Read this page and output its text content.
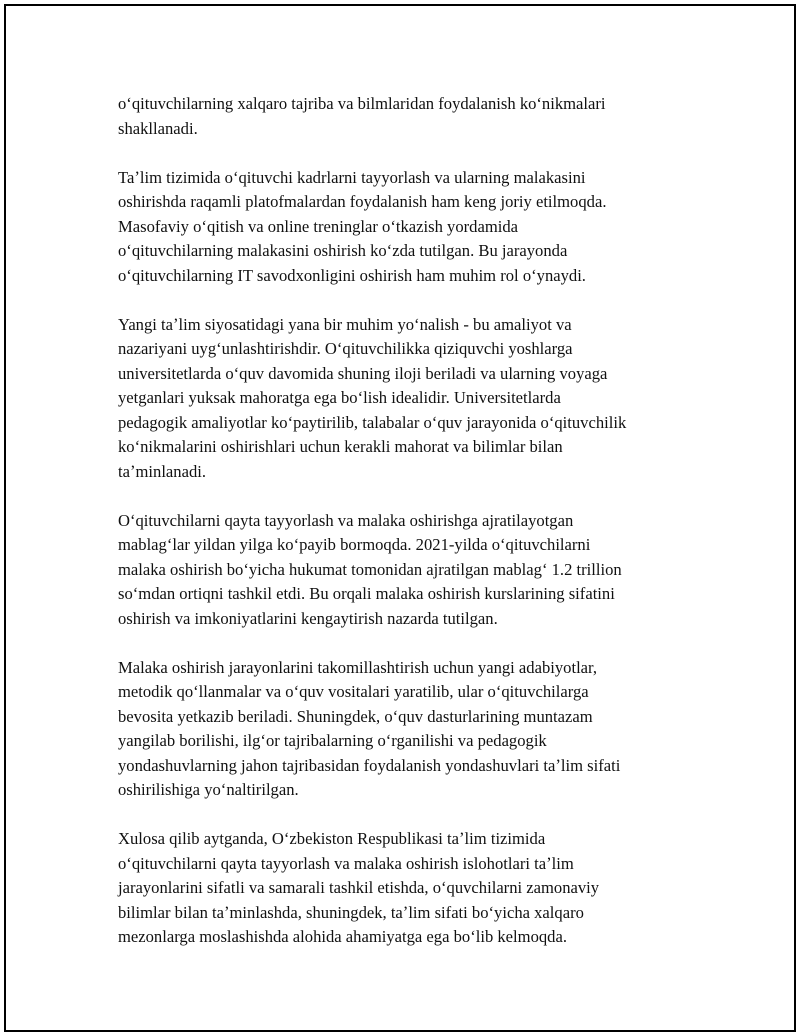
oʻqituvchilarning xalqaro tajriba va bilmlaridan foydalanish koʻnikmalari
shakllanadi.

Taʼlim tizimida oʻqituvchi kadrlarni tayyorlash va ularning malakasini
oshirishda raqamli platofmalardan foydalanish ham keng joriy etilmoqda.
Masofaviy oʻqitish va online treninglar oʻtkazish yordamida
oʻqituvchilarning malakasini oshirish koʻzda tutilgan. Bu jarayonda
oʻqituvchilarning IT savodxonligini oshirish ham muhim rol oʻynaydi.

Yangi taʼlim siyosatidagi yana bir muhim yoʻnalish - bu amaliyot va
nazariyani uygʻunlashtirishdir. Oʻqituvchilikka qiziquvchi yoshlarga
universitetlarda oʻquv davomida shuning iloji beriladi va ularning voyaga
yetganlari yuksak mahoratga ega boʻlish idealidir. Universitetlarda
pedagogik amaliyotlar koʻpaytirilib, talabalar oʻquv jarayonida oʻqituvchilik
koʻnikmalarini oshirishlari uchun kerakli mahorat va bilimlar bilan
taʼminlanadi.

Oʻqituvchilarni qayta tayyorlash va malaka oshirishga ajratilayotgan
mablagʻlar yildan yilga koʻpayib bormoqda. 2021-yilda oʻqituvchilarni
malaka oshirish boʻyicha hukumat tomonidan ajratilgan mablagʻ 1.2 trillion
soʻmdan ortiqni tashkil etdi. Bu orqali malaka oshirish kurslarining sifatini
oshirish va imkoniyatlarini kengaytirish nazarda tutilgan.

Malaka oshirish jarayonlarini takomillashtirish uchun yangi adabiyotlar,
metodik qoʻllanmalar va oʻquv vositalari yaratilib, ular oʻqituvchilarga
bevosita yetkazib beriladi. Shuningdek, oʻquv dasturlarining muntazam
yangilab borilishi, ilgʻor tajribalarning oʻrganilishi va pedagogik
yondashuvlarning jahon tajribasidan foydalanish yondashuvlari taʼlim sifati
oshirilishiga yoʻnaltirilgan.

Xulosa qilib aytganda, Oʻzbekiston Respublikasi taʼlim tizimida
oʻqituvchilarni qayta tayyorlash va malaka oshirish islohotlari taʼlim
jarayonlarini sifatli va samarali tashkil etishda, oʻquvchilarni zamonaviy
bilimlar bilan taʼminlashda, shuningdek, taʼlim sifati boʻyicha xalqaro
mezonlarga moslashishda alohida ahamiyatga ega boʻlib kelmoqda.
